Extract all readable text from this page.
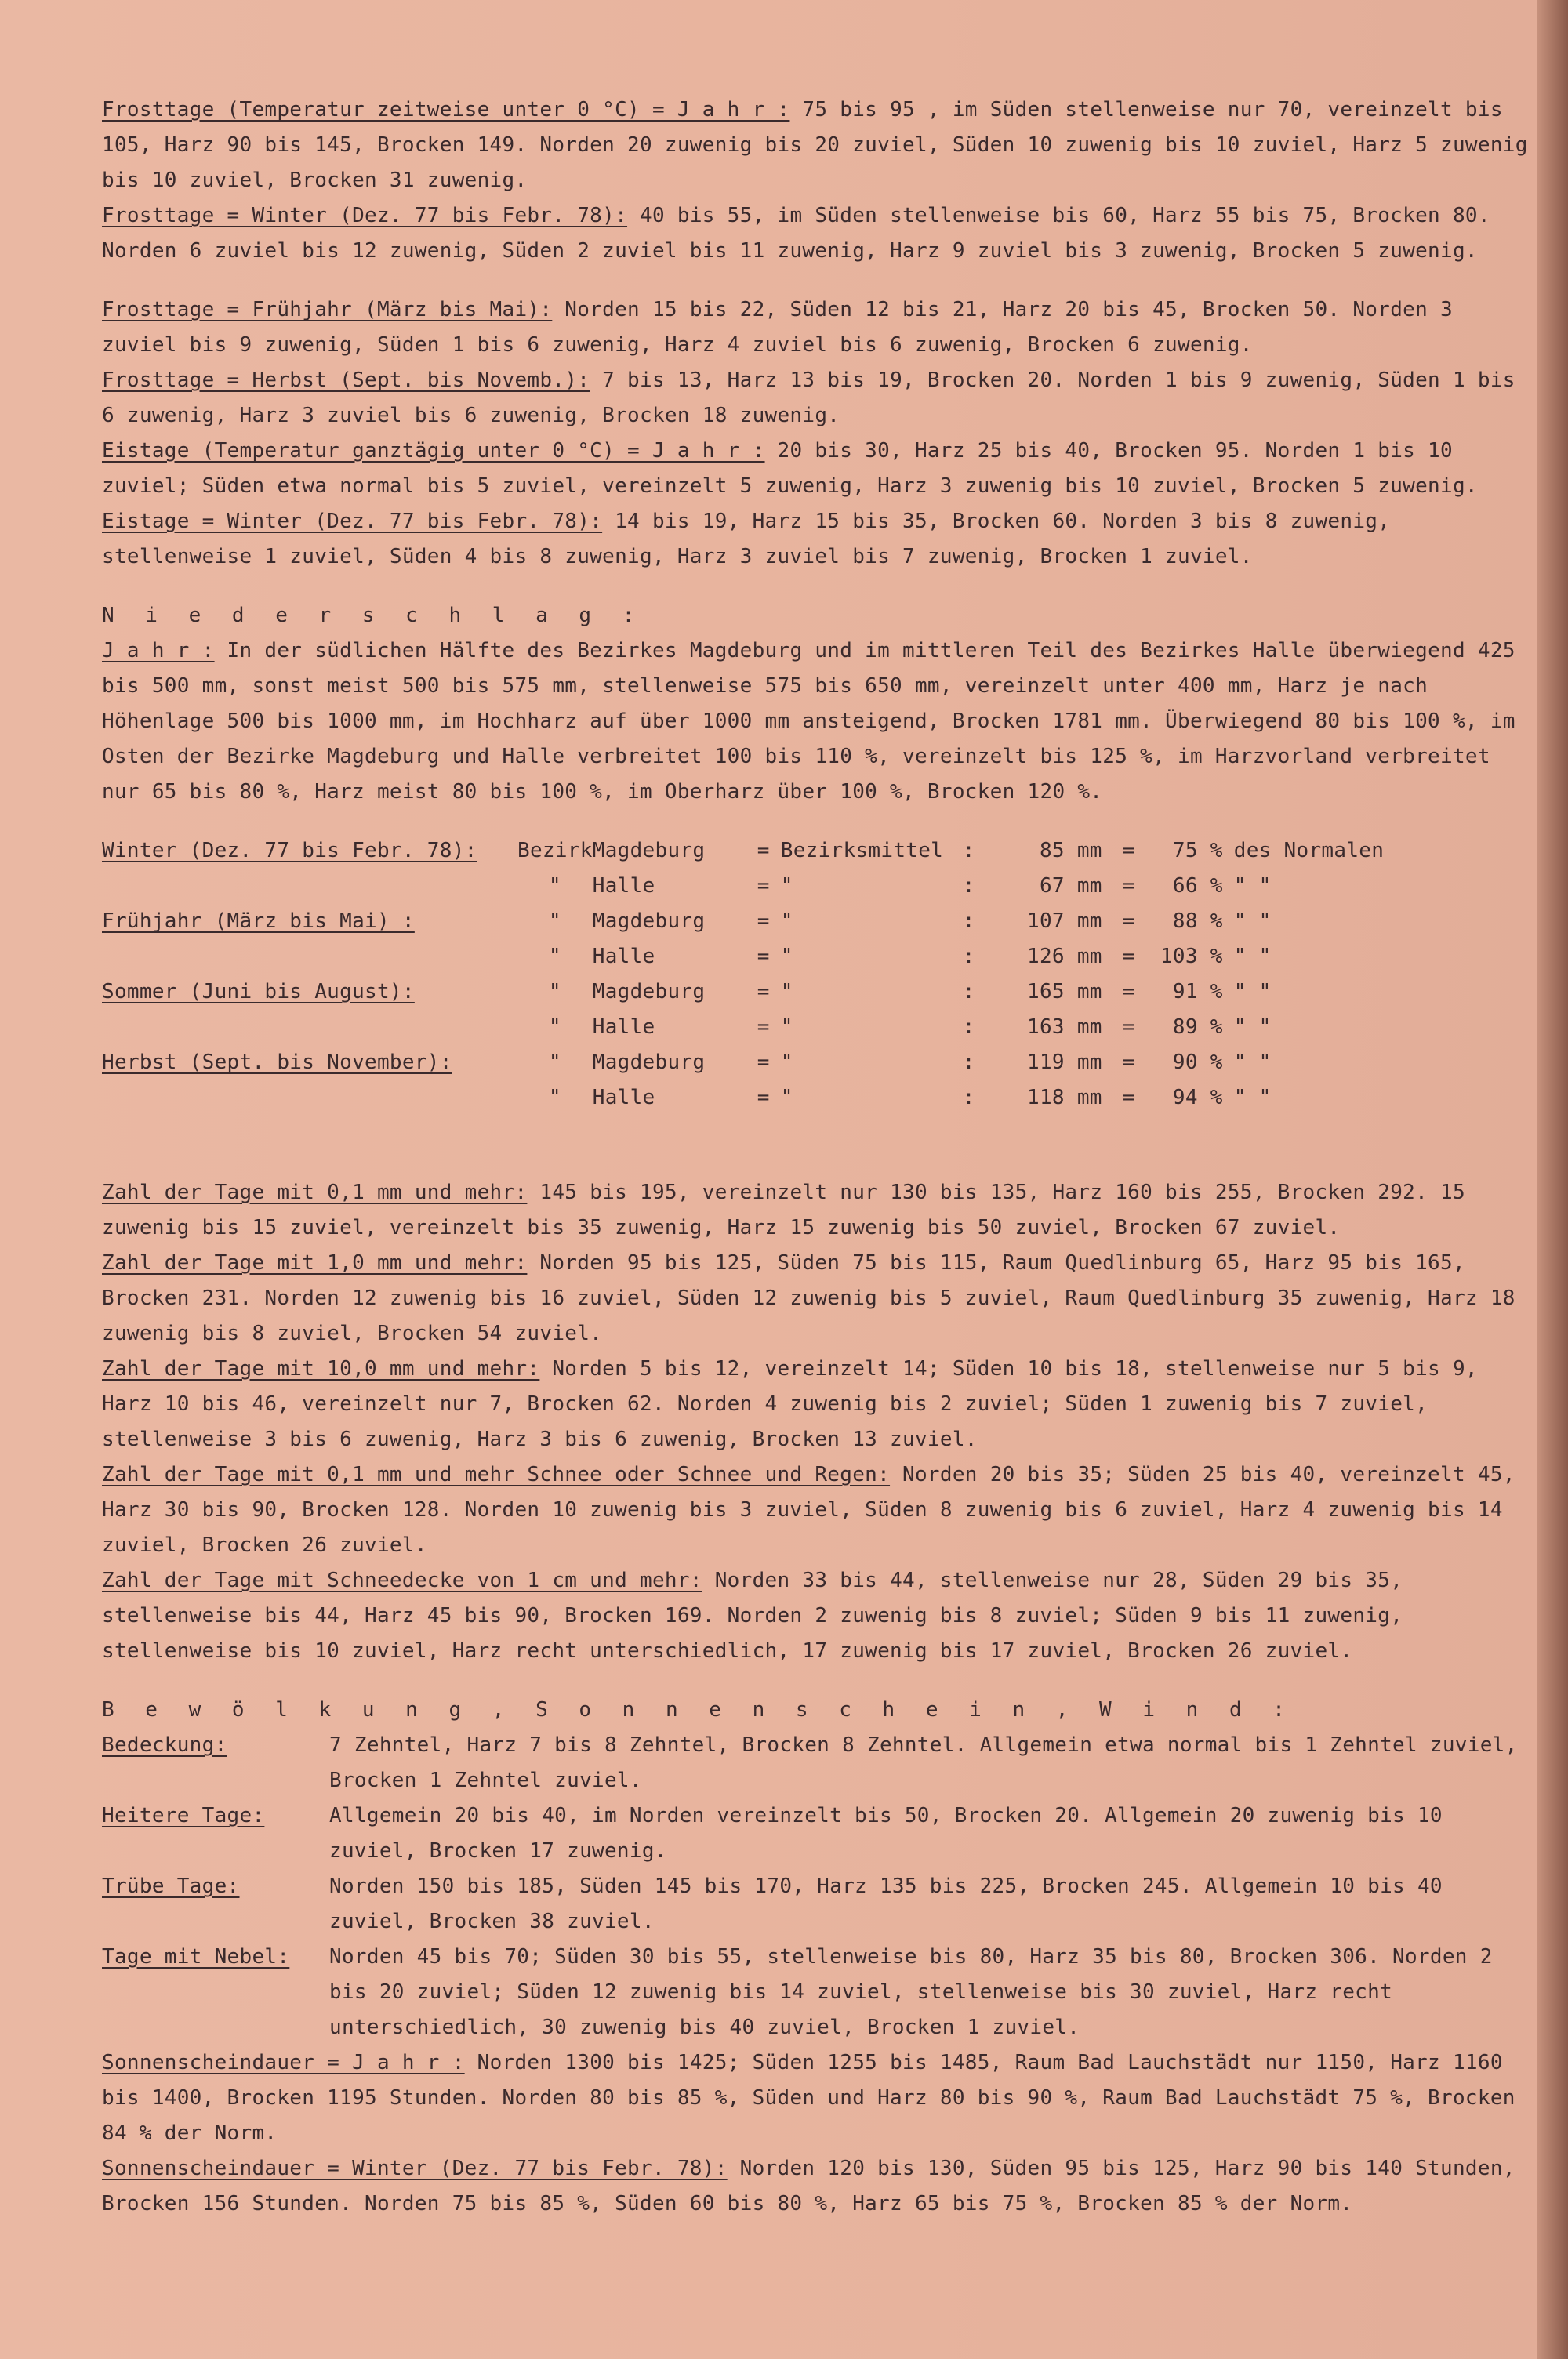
Frosttage (Temperatur zeitweise unter 0 °C) = J a h r : 75 bis 95 , im Süden stellenweise nur 70, vereinzelt bis 105, Harz 90 bis 145, Brocken 149. Norden 20 zuwenig bis 20 zuviel, Süden 10 zuwenig bis 10 zuviel, Harz 5 zuwenig bis 10 zuviel, Brocken 31 zuwenig.

Frosttage = Winter (Dez. 77 bis Febr. 78): 40 bis 55, im Süden stellenweise bis 60, Harz 55 bis 75, Brocken 80. Norden 6 zuviel bis 12 zuwenig, Süden 2 zuviel bis 11 zuwenig, Harz 9 zuviel bis 3 zuwenig, Brocken 5 zuwenig.

Frosttage = Frühjahr (März bis Mai): Norden 15 bis 22, Süden 12 bis 21, Harz 20 bis 45, Brocken 50. Norden 3 zuviel bis 9 zuwenig, Süden 1 bis 6 zuwenig, Harz 4 zuviel bis 6 zuwenig, Brocken 6 zuwenig.

Frosttage = Herbst (Sept. bis Novemb.): 7 bis 13, Harz 13 bis 19, Brocken 20. Norden 1 bis 9 zuwenig, Süden 1 bis 6 zuwenig, Harz 3 zuviel bis 6 zuwenig, Brocken 18 zuwenig.

Eistage (Temperatur ganztägig unter 0 °C) = J a h r : 20 bis 30, Harz 25 bis 40, Brocken 95. Norden 1 bis 10 zuviel; Süden etwa normal bis 5 zuviel, vereinzelt 5 zuwenig, Harz 3 zuwenig bis 10 zuviel, Brocken 5 zuwenig.

Eistage = Winter (Dez. 77 bis Febr. 78): 14 bis 19, Harz 15 bis 35, Brocken 60. Norden 3 bis 8 zuwenig, stellenweise 1 zuviel, Süden 4 bis 8 zuwenig, Harz 3 zuviel bis 7 zuwenig, Brocken 1 zuviel.

N i e d e r s c h l a g :

J a h r : In der südlichen Hälfte des Bezirkes Magdeburg und im mittleren Teil des Bezirkes Halle überwiegend 425 bis 500 mm, sonst meist 500 bis 575 mm, stellenweise 575 bis 650 mm, vereinzelt unter 400 mm, Harz je nach Höhenlage 500 bis 1000 mm, im Hochharz auf über 1000 mm ansteigend, Brocken 1781 mm. Überwiegend 80 bis 100 %, im Osten der Bezirke Magdeburg und Halle verbreitet 100 bis 110 %, vereinzelt bis 125 %, im Harzvorland verbreitet nur 65 bis 80 %, Harz meist 80 bis 100 %, im Oberharz über 100 %, Brocken 120 %.

Winter (Dez. 77 bis Febr. 78):	Bezirk	Magdeburg	=	Bezirksmittel	:	85 mm	=	75 %	des Normalen
	"	Halle	=	"	:	67 mm	=	66 %	" "
Frühjahr (März bis Mai) :	"	Magdeburg	=	"	:	107 mm	=	88 %	" "
	"	Halle	=	"	:	126 mm	=	103 %	" "
Sommer (Juni bis August):	"	Magdeburg	=	"	:	165 mm	=	91 %	" "
	"	Halle	=	"	:	163 mm	=	89 %	" "
Herbst (Sept. bis November):	"	Magdeburg	=	"	:	119 mm	=	90 %	" "
	"	Halle	=	"	:	118 mm	=	94 %	" "

Zahl der Tage mit 0,1 mm und mehr: 145 bis 195, vereinzelt nur 130 bis 135, Harz 160 bis 255, Brocken 292. 15 zuwenig bis 15 zuviel, vereinzelt bis 35 zuwenig, Harz 15 zuwenig bis 50 zuviel, Brocken 67 zuviel.

Zahl der Tage mit 1,0 mm und mehr: Norden 95 bis 125, Süden 75 bis 115, Raum Quedlinburg 65, Harz 95 bis 165, Brocken 231. Norden 12 zuwenig bis 16 zuviel, Süden 12 zuwenig bis 5 zuviel, Raum Quedlinburg 35 zuwenig, Harz 18 zuwenig bis 8 zuviel, Brocken 54 zuviel.

Zahl der Tage mit 10,0 mm und mehr: Norden 5 bis 12, vereinzelt 14; Süden 10 bis 18, stellenweise nur 5 bis 9, Harz 10 bis 46, vereinzelt nur 7, Brocken 62. Norden 4 zuwenig bis 2 zuviel; Süden 1 zuwenig bis 7 zuviel, stellenweise 3 bis 6 zuwenig, Harz 3 bis 6 zuwenig, Brocken 13 zuviel.

Zahl der Tage mit 0,1 mm und mehr Schnee oder Schnee und Regen: Norden 20 bis 35; Süden 25 bis 40, vereinzelt 45, Harz 30 bis 90, Brocken 128. Norden 10 zuwenig bis 3 zuviel, Süden 8 zuwenig bis 6 zuviel, Harz 4 zuwenig bis 14 zuviel, Brocken 26 zuviel.

Zahl der Tage mit Schneedecke von 1 cm und mehr: Norden 33 bis 44, stellenweise nur 28, Süden 29 bis 35, stellenweise bis 44, Harz 45 bis 90, Brocken 169. Norden 2 zuwenig bis 8 zuviel; Süden 9 bis 11 zuwenig, stellenweise bis 10 zuviel, Harz recht unterschiedlich, 17 zuwenig bis 17 zuviel, Brocken 26 zuviel.

B e w ö l k u n g , S o n n e n s c h e i n , W i n d :

Bedeckung:	7 Zehntel, Harz 7 bis 8 Zehntel, Brocken 8 Zehntel. Allgemein etwa normal bis 1 Zehntel zuviel, Brocken 1 Zehntel zuviel.
Heitere Tage:	Allgemein 20 bis 40, im Norden vereinzelt bis 50, Brocken 20. Allgemein 20 zuwenig bis 10 zuviel, Brocken 17 zuwenig.
Trübe Tage:	Norden 150 bis 185, Süden 145 bis 170, Harz 135 bis 225, Brocken 245. Allgemein 10 bis 40 zuviel, Brocken 38 zuviel.
Tage mit Nebel:	Norden 45 bis 70; Süden 30 bis 55, stellenweise bis 80, Harz 35 bis 80, Brocken 306. Norden 2 bis 20 zuviel; Süden 12 zuwenig bis 14 zuviel, stellenweise bis 30 zuviel, Harz recht unterschiedlich, 30 zuwenig bis 40 zuviel, Brocken 1 zuviel.

Sonnenscheindauer = J a h r : Norden 1300 bis 1425; Süden 1255 bis 1485, Raum Bad Lauchstädt nur 1150, Harz 1160 bis 1400, Brocken 1195 Stunden. Norden 80 bis 85 %, Süden und Harz 80 bis 90 %, Raum Bad Lauchstädt 75 %, Brocken 84 % der Norm.

Sonnenscheindauer = Winter (Dez. 77 bis Febr. 78): Norden 120 bis 130, Süden 95 bis 125, Harz 90 bis 140 Stunden, Brocken 156 Stunden. Norden 75 bis 85 %, Süden 60 bis 80 %, Harz 65 bis 75 %, Brocken 85 % der Norm.
